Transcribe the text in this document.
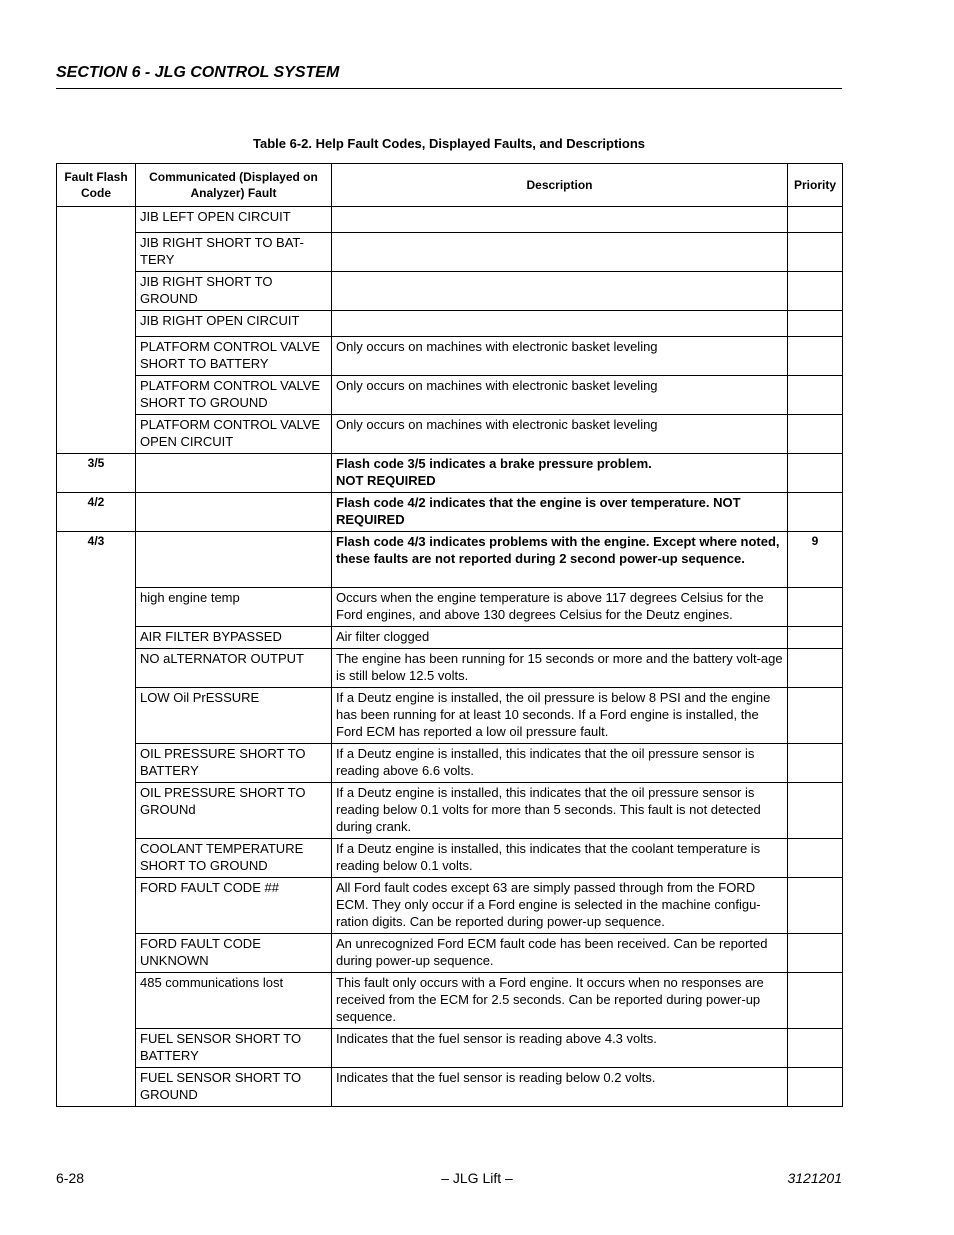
SECTION 6 - JLG CONTROL SYSTEM
Table 6-2. Help Fault Codes, Displayed Faults, and Descriptions
Fault Flash Code	Communicated (Displayed on Analyzer) Fault	Description	Priority
	JIB LEFT OPEN CIRCUIT		
	JIB RIGHT SHORT TO BAT-TERY		
	JIB RIGHT SHORT TO GROUND		
	JIB RIGHT OPEN CIRCUIT		
	PLATFORM CONTROL VALVE SHORT TO BATTERY	Only occurs on machines with electronic basket leveling	
	PLATFORM CONTROL VALVE SHORT TO GROUND	Only occurs on machines with electronic basket leveling	
	PLATFORM CONTROL VALVE OPEN CIRCUIT	Only occurs on machines with electronic basket leveling	
3/5		Flash code 3/5 indicates a brake pressure problem.
NOT REQUIRED	
4/2		Flash code 4/2 indicates that the engine is over temperature. NOT REQUIRED	
4/3		Flash code 4/3 indicates problems with the engine. Except where noted, these faults are not reported during 2 second power-up sequence.	9
	high engine temp	Occurs when the engine temperature is above 117 degrees Celsius for the Ford engines, and above 130 degrees Celsius for the Deutz engines.	
	AIR FILTER BYPASSED	Air filter clogged	
	NO aLTERNATOR OUTPUT	The engine has been running for 15 seconds or more and the battery volt-age is still below 12.5 volts.	
	LOW Oil PrESSURE	If a Deutz engine is installed, the oil pressure is below 8 PSI and the engine has been running for at least 10 seconds. If a Ford engine is installed, the Ford ECM has reported a low oil pressure fault.	
	OIL PRESSURE SHORT TO BATTERY	If a Deutz engine is installed, this indicates that the oil pressure sensor is reading above 6.6 volts.	
	OIL PRESSURE SHORT TO GROUNd	If a Deutz engine is installed, this indicates that the oil pressure sensor is reading below 0.1 volts for more than 5 seconds. This fault is not detected during crank.	
	COOLANT TEMPERATURE SHORT TO GROUND	If a Deutz engine is installed, this indicates that the coolant temperature is reading below 0.1 volts.	
	FORD FAULT CODE ##	All Ford fault codes except 63 are simply passed through from the FORD ECM. They only occur if a Ford engine is selected in the machine configu-ration digits. Can be reported during power-up sequence.	
	FORD FAULT CODE UNKNOWN	An unrecognized Ford ECM fault code has been received. Can be reported during power-up sequence.	
	485 communications lost	This fault only occurs with a Ford engine. It occurs when no responses are received from the ECM for 2.5 seconds. Can be reported during power-up sequence.	
	FUEL SENSOR SHORT TO BATTERY	Indicates that the fuel sensor is reading above 4.3 volts.	
	FUEL SENSOR SHORT TO GROUND	Indicates that the fuel sensor is reading below 0.2 volts.	
6-28	– JLG Lift –	3121201
